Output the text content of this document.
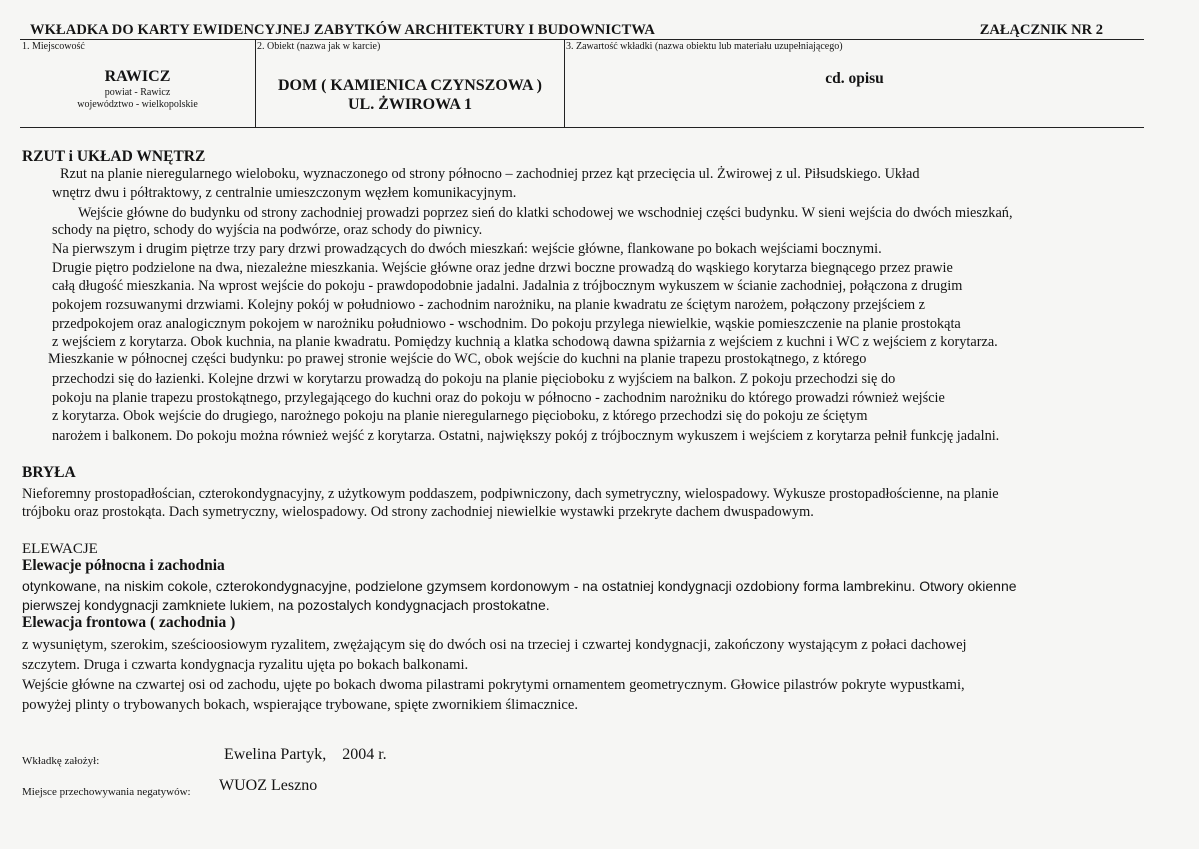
WKŁADKA DO KARTY EWIDENCYJNEJ ZABYTKÓW ARCHITEKTURY I BUDOWNICTWA	ZAŁĄCZNIK NR 2
1. Miejscowość
RAWICZ
powiat - Rawicz
województwo - wielkopolskie
2. Obiekt (nazwa jak w karcie)
DOM ( KAMIENICA CZYNSZOWA )
UL. ŻWIROWA 1
3. Zawartość wkładki (nazwa obiektu lub materiału uzupełniającego)
cd. opisu
RZUT i UKŁAD WNĘTRZ
Rzut na planie nieregularnego wieloboku, wyznaczonego od strony północno – zachodniej przez kąt przecięcia ul. Żwirowej z ul. Piłsudskiego. Układ
wnętrz dwu i półtraktowy, z centralnie umieszczonym węzłem komunikacyjnym.
Wejście główne do budynku od strony zachodniej prowadzi poprzez sień do klatki schodowej we wschodniej części budynku. W sieni wejścia do dwóch mieszkań,
schody na piętro, schody do wyjścia na podwórze, oraz schody do piwnicy.
Na pierwszym i drugim piętrze trzy pary drzwi prowadzących do dwóch mieszkań: wejście główne, flankowane po bokach wejściami bocznymi.
Drugie piętro podzielone na dwa, niezależne mieszkania. Wejście główne oraz jedne drzwi boczne prowadzą do wąskiego korytarza biegnącego przez prawie
całą długość mieszkania. Na wprost wejście do pokoju - prawdopodobnie jadalni. Jadalnia z trójbocznym wykuszem w ścianie zachodniej, połączona z drugim
pokojem rozsuwanymi drzwiami. Kolejny pokój w południowo - zachodnim narożniku, na planie kwadratu ze ściętym narożem, połączony przejściem z
przedpokojem oraz analogicznym pokojem w narożniku południowo - wschodnim. Do pokoju przylega niewielkie, wąskie pomieszczenie na planie prostokąta
z wejściem z korytarza. Obok kuchnia, na planie kwadratu. Pomiędzy kuchnią a klatka schodową dawna spiżarnia z wejściem z kuchni i WC z wejściem z korytarza.
Mieszkanie w północnej części budynku: po prawej stronie wejście do WC, obok wejście do kuchni na planie trapezu prostokątnego, z którego
przechodzi się do łazienki. Kolejne drzwi w korytarzu prowadzą do pokoju na planie pięcioboku z wyjściem na balkon. Z pokoju przechodzi się do
pokoju na planie trapezu prostokątnego, przylegającego do kuchni oraz do pokoju w północno - zachodnim narożniku do którego prowadzi również wejście
z korytarza. Obok wejście do drugiego, narożnego pokoju na planie nieregularnego pięcioboku, z którego przechodzi się do pokoju ze ściętym
narożem i balkonem. Do pokoju można również wejść z korytarza. Ostatni, największy pokój z trójbocznym wykuszem i wejściem z korytarza pełnił funkcję jadalni.
BRYŁA
Nieforemny prostopadłościan, czterokondygnacyjny, z użytkowym poddaszem, podpiwniczony, dach symetryczny, wielospadowy. Wykusze prostopadłościenne, na planie
trójboku oraz prostokąta. Dach symetryczny, wielospadowy. Od strony zachodniej niewielkie wystawki przekryte dachem dwuspadowym.
ELEWACJE
Elewacje północna i zachodnia
otynkowane, na niskim cokole, czterokondygnacyjne, podzielone gzymsem kordonowym - na ostatniej kondygnacji ozdobiony forma lambrekinu. Otwory okienne
pierwszej kondygnacji zamkniete lukiem, na pozostalych kondygnacjach prostokatne.
Elewacja frontowa ( zachodnia )
z wysuniętym, szerokim, sześcioosiowym ryzalitem, zwężającym się do dwóch osi na trzeciej i czwartej kondygnacji, zakończony wystającym z połaci dachowej
szczytem. Druga i czwarta kondygnacja ryzalitu ujęta po bokach balkonami.
Wejście główne na czwartej osi od zachodu, ujęte po bokach dwoma pilastrami pokrytymi ornamentem geometrycznym. Głowice pilastrów pokryte wypustkami,
powyżej plinty o trybowanych bokach, wspierające trybowane, spięte zwornikiem ślimacznice.
Wkładkę założył:	Ewelina Partyk,    2004 r.
Miejsce przechowywania negatywów: WUOZ Leszno
